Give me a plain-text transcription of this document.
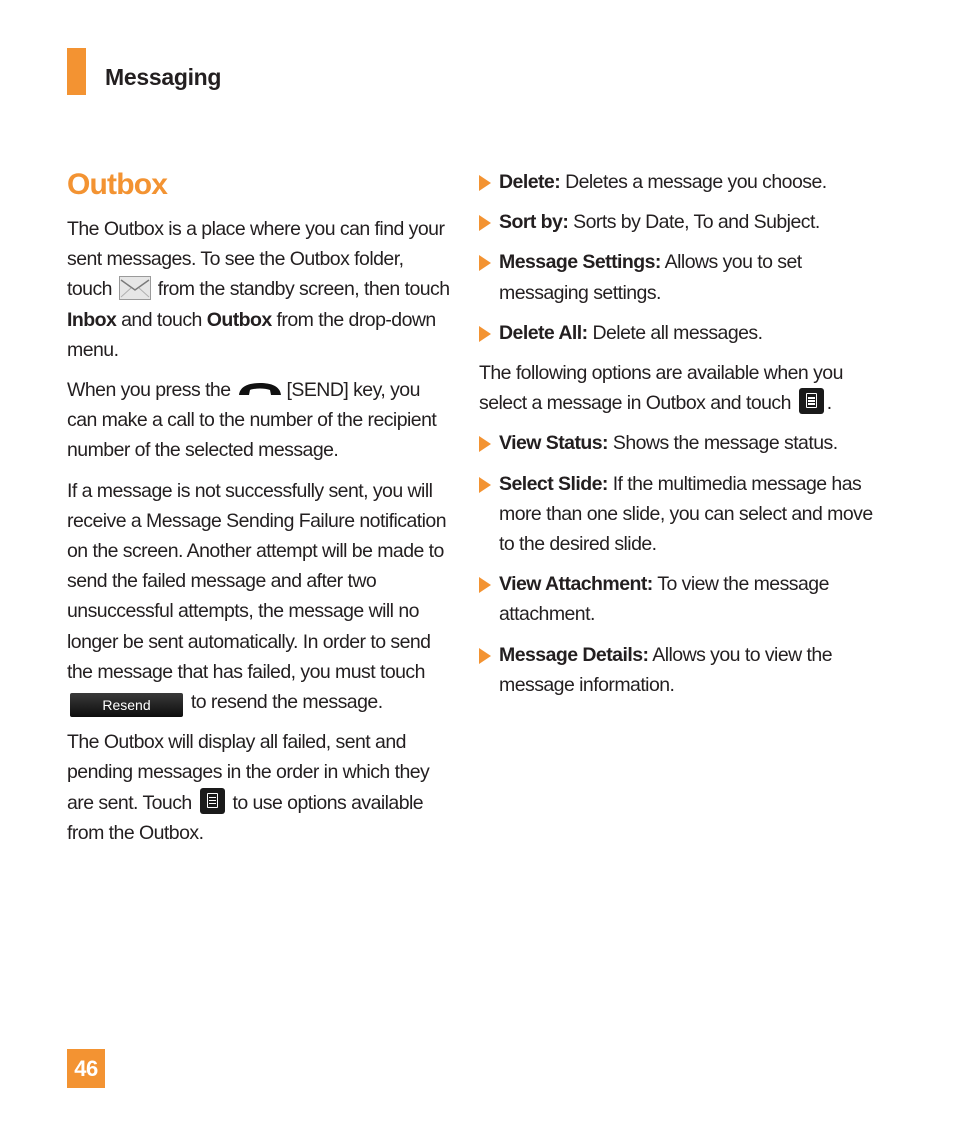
Messaging
Outbox

The Outbox is a place where you can find your sent messages. To see the Outbox folder, touch from the standby screen, then touch Inbox and touch Outbox from the drop-down menu.

When you press the	[SEND] key, you can make a call to the number of the recipient number of the selected message.

If a message is not successfully sent, you will receive a Message Sending Failure notification on the screen. Another attempt will be made to send the failed message and after two unsuccessful attempts, the message will no longer be sent automatically. In order to send the message that has failed, you must touch Resend to resend the message.

The Outbox will display all failed, sent and pending messages in the order in which they are sent. Touch to use options available from the Outbox.

Delete: Deletes a message you choose.
Sort by: Sorts by Date, To and Subject.
Message Settings: Allows you to set messaging settings.
Delete All: Delete all messages.

The following options are available when you select a message in Outbox and touch .

View Status: Shows the message status.
Select Slide: If the multimedia message has more than one slide, you can select and move to the desired slide.
View Attachment: To view the message attachment.
Message Details: Allows you to view the message information.
46
